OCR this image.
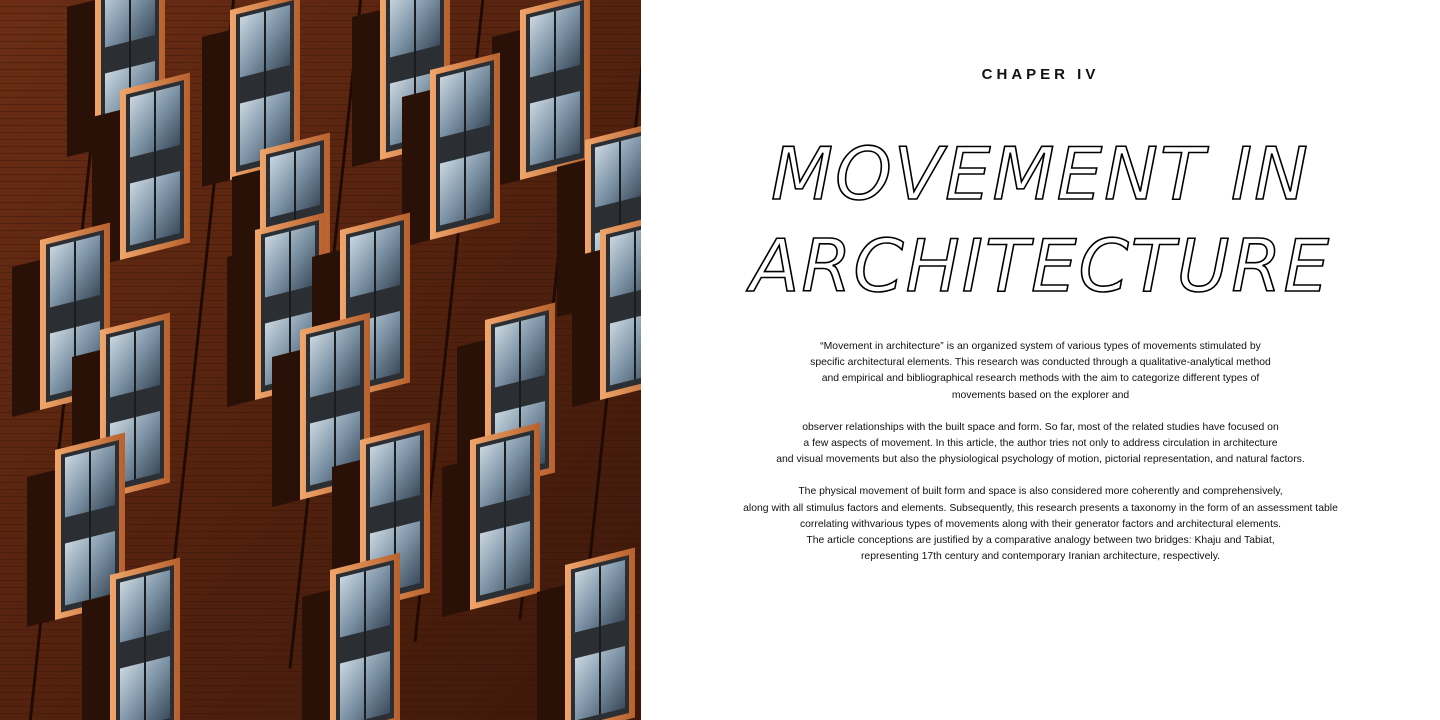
CHAPER IV
MOVEMENT IN
ARCHITECTURE

“Movement in architecture” is an organized system of various types of movements stimulated by
specific architectural elements. This research was conducted through a qualitative-analytical method
and empirical and bibliographical research methods with the aim to categorize different types of
movements based on the explorer and

observer relationships with the built space and form. So far, most of the related studies have focused on
a few aspects of movement. In this article, the author tries not only to address circulation in architecture
and visual movements but also the physiological psychology of motion, pictorial representation, and natural factors.

The physical movement of built form and space is also considered more coherently and comprehensively,
along with all stimulus factors and elements. Subsequently, this research presents a taxonomy in the form of an assessment table
correlating withvarious types of movements along with their generator factors and architectural elements.
The article conceptions are justified by a comparative analogy between two bridges: Khaju and Tabiat,
representing 17th century and contemporary Iranian architecture, respectively.
